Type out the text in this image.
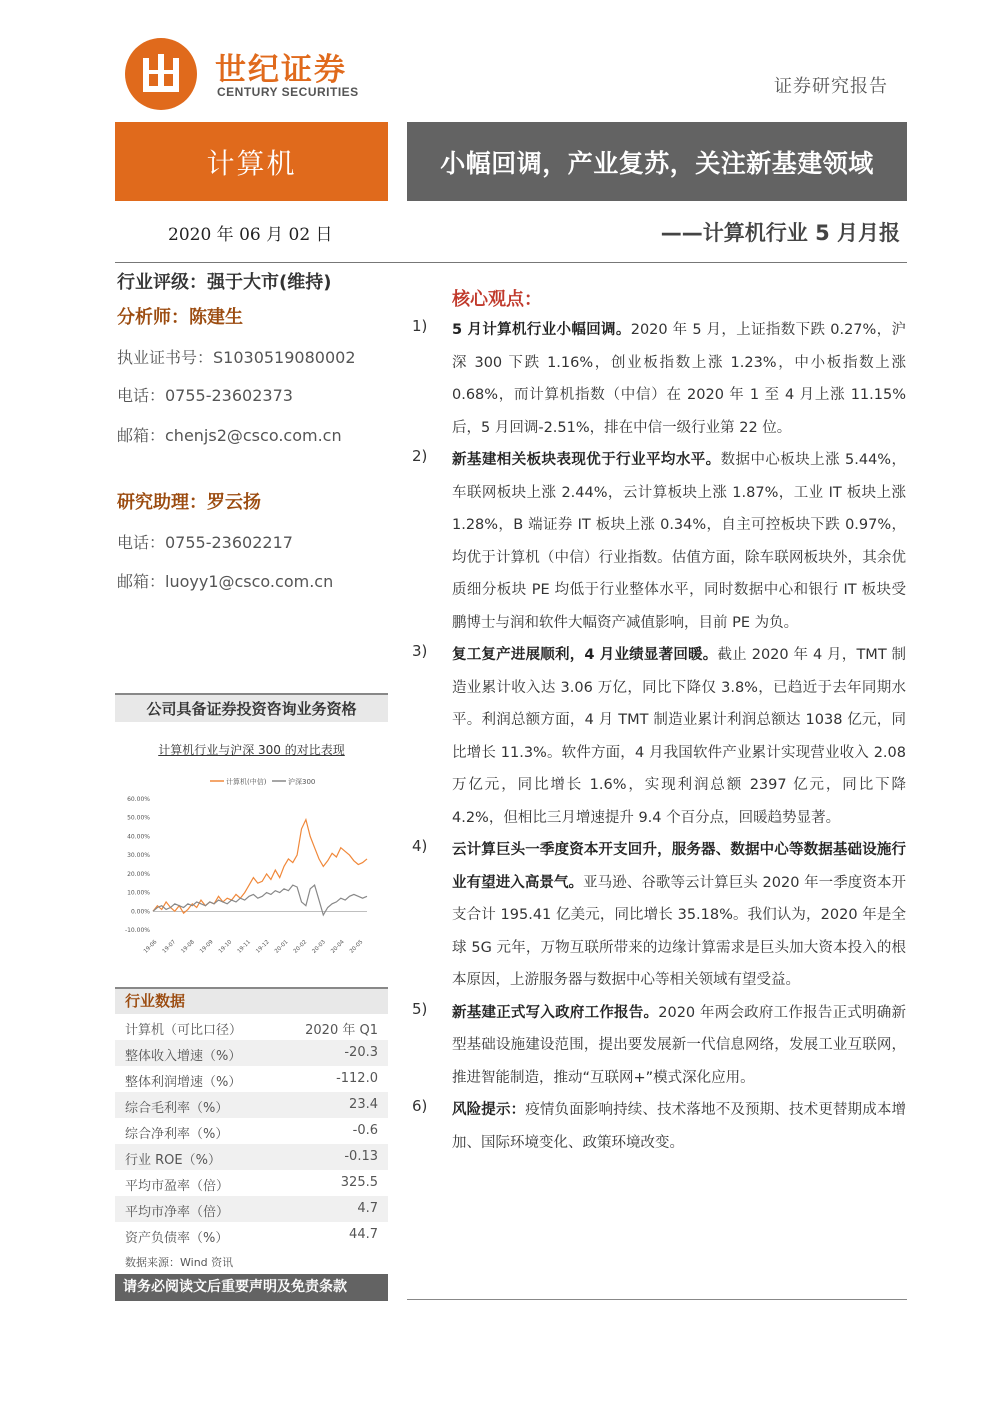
世纪证券
CENTURY SECURITIES	证券研究报告
计算机	小幅回调，产业复苏，关注新基建领域
2020 年 06 月 02 日	——计算机行业 5 月月报
行业评级：强于大市(维持)
分析师：陈建生
执业证书号：S1030519080002
电话：0755-23602373
邮箱：chenjs2@csco.com.cn
研究助理：罗云扬
电话：0755-23602217
邮箱：luoyy1@csco.com.cn
公司具备证券投资咨询业务资格
计算机行业与沪深 300 的对比表现
计算机(中信)	沪深300
-10.00%
0.00%
10.00%
20.00%
30.00%
40.00%
50.00%
60.00%
19-06 19-07 19-08 19-09 19-10 19-11 19-12 20-01 20-02 20-03 20-04 20-05
行业数据
计算机（可比口径）	2020 年 Q1
整体收入增速（%）	-20.3
整体利润增速（%）	-112.0
综合毛利率（%）	23.4
综合净利率（%）	-0.6
行业 ROE（%）	-0.13
平均市盈率（倍）	325.5
平均市净率（倍）	4.7
资产负债率（%）	44.7
数据来源：Wind 资讯
请务必阅读文后重要声明及免责条款
核心观点：
1) 5 月计算机行业小幅回调。2020 年 5 月，上证指数下跌 0.27%，沪深 300 下跌 1.16%，创业板指数上涨 1.23%，中小板指数上涨 0.68%，而计算机指数（中信）在 2020 年 1 至 4 月上涨 11.15%后，5 月回调-2.51%，排在中信一级行业第 22 位。
2) 新基建相关板块表现优于行业平均水平。数据中心板块上涨 5.44%，车联网板块上涨 2.44%，云计算板块上涨 1.87%，工业 IT 板块上涨 1.28%，B 端证券 IT 板块上涨 0.34%，自主可控板块下跌 0.97%，均优于计算机（中信）行业指数。估值方面，除车联网板块外，其余优质细分板块 PE 均低于行业整体水平，同时数据中心和银行 IT 板块受鹏博士与润和软件大幅资产减值影响，目前 PE 为负。
3) 复工复产进展顺利，4 月业绩显著回暖。截止 2020 年 4 月，TMT 制造业累计收入达 3.06 万亿，同比下降仅 3.8%，已趋近于去年同期水平。利润总额方面，4 月 TMT 制造业累计利润总额达 1038 亿元，同比增长 11.3%。软件方面，4 月我国软件产业累计实现营业收入 2.08 万亿元，同比增长 1.6%，实现利润总额 2397 亿元，同比下降 4.2%，但相比三月增速提升 9.4 个百分点，回暖趋势显著。
4) 云计算巨头一季度资本开支回升，服务器、数据中心等数据基础设施行业有望进入高景气。亚马逊、谷歌等云计算巨头 2020 年一季度资本开支合计 195.41 亿美元，同比增长 35.18%。我们认为，2020 年是全球 5G 元年，万物互联所带来的边缘计算需求是巨头加大资本投入的根本原因，上游服务器与数据中心等相关领域有望受益。
5) 新基建正式写入政府工作报告。2020 年两会政府工作报告正式明确新型基础设施建设范围，提出要发展新一代信息网络，发展工业互联网，推进智能制造，推动“互联网+”模式深化应用。
6) 风险提示：疫情负面影响持续、技术落地不及预期、技术更替期成本增加、国际环境变化、政策环境改变。
